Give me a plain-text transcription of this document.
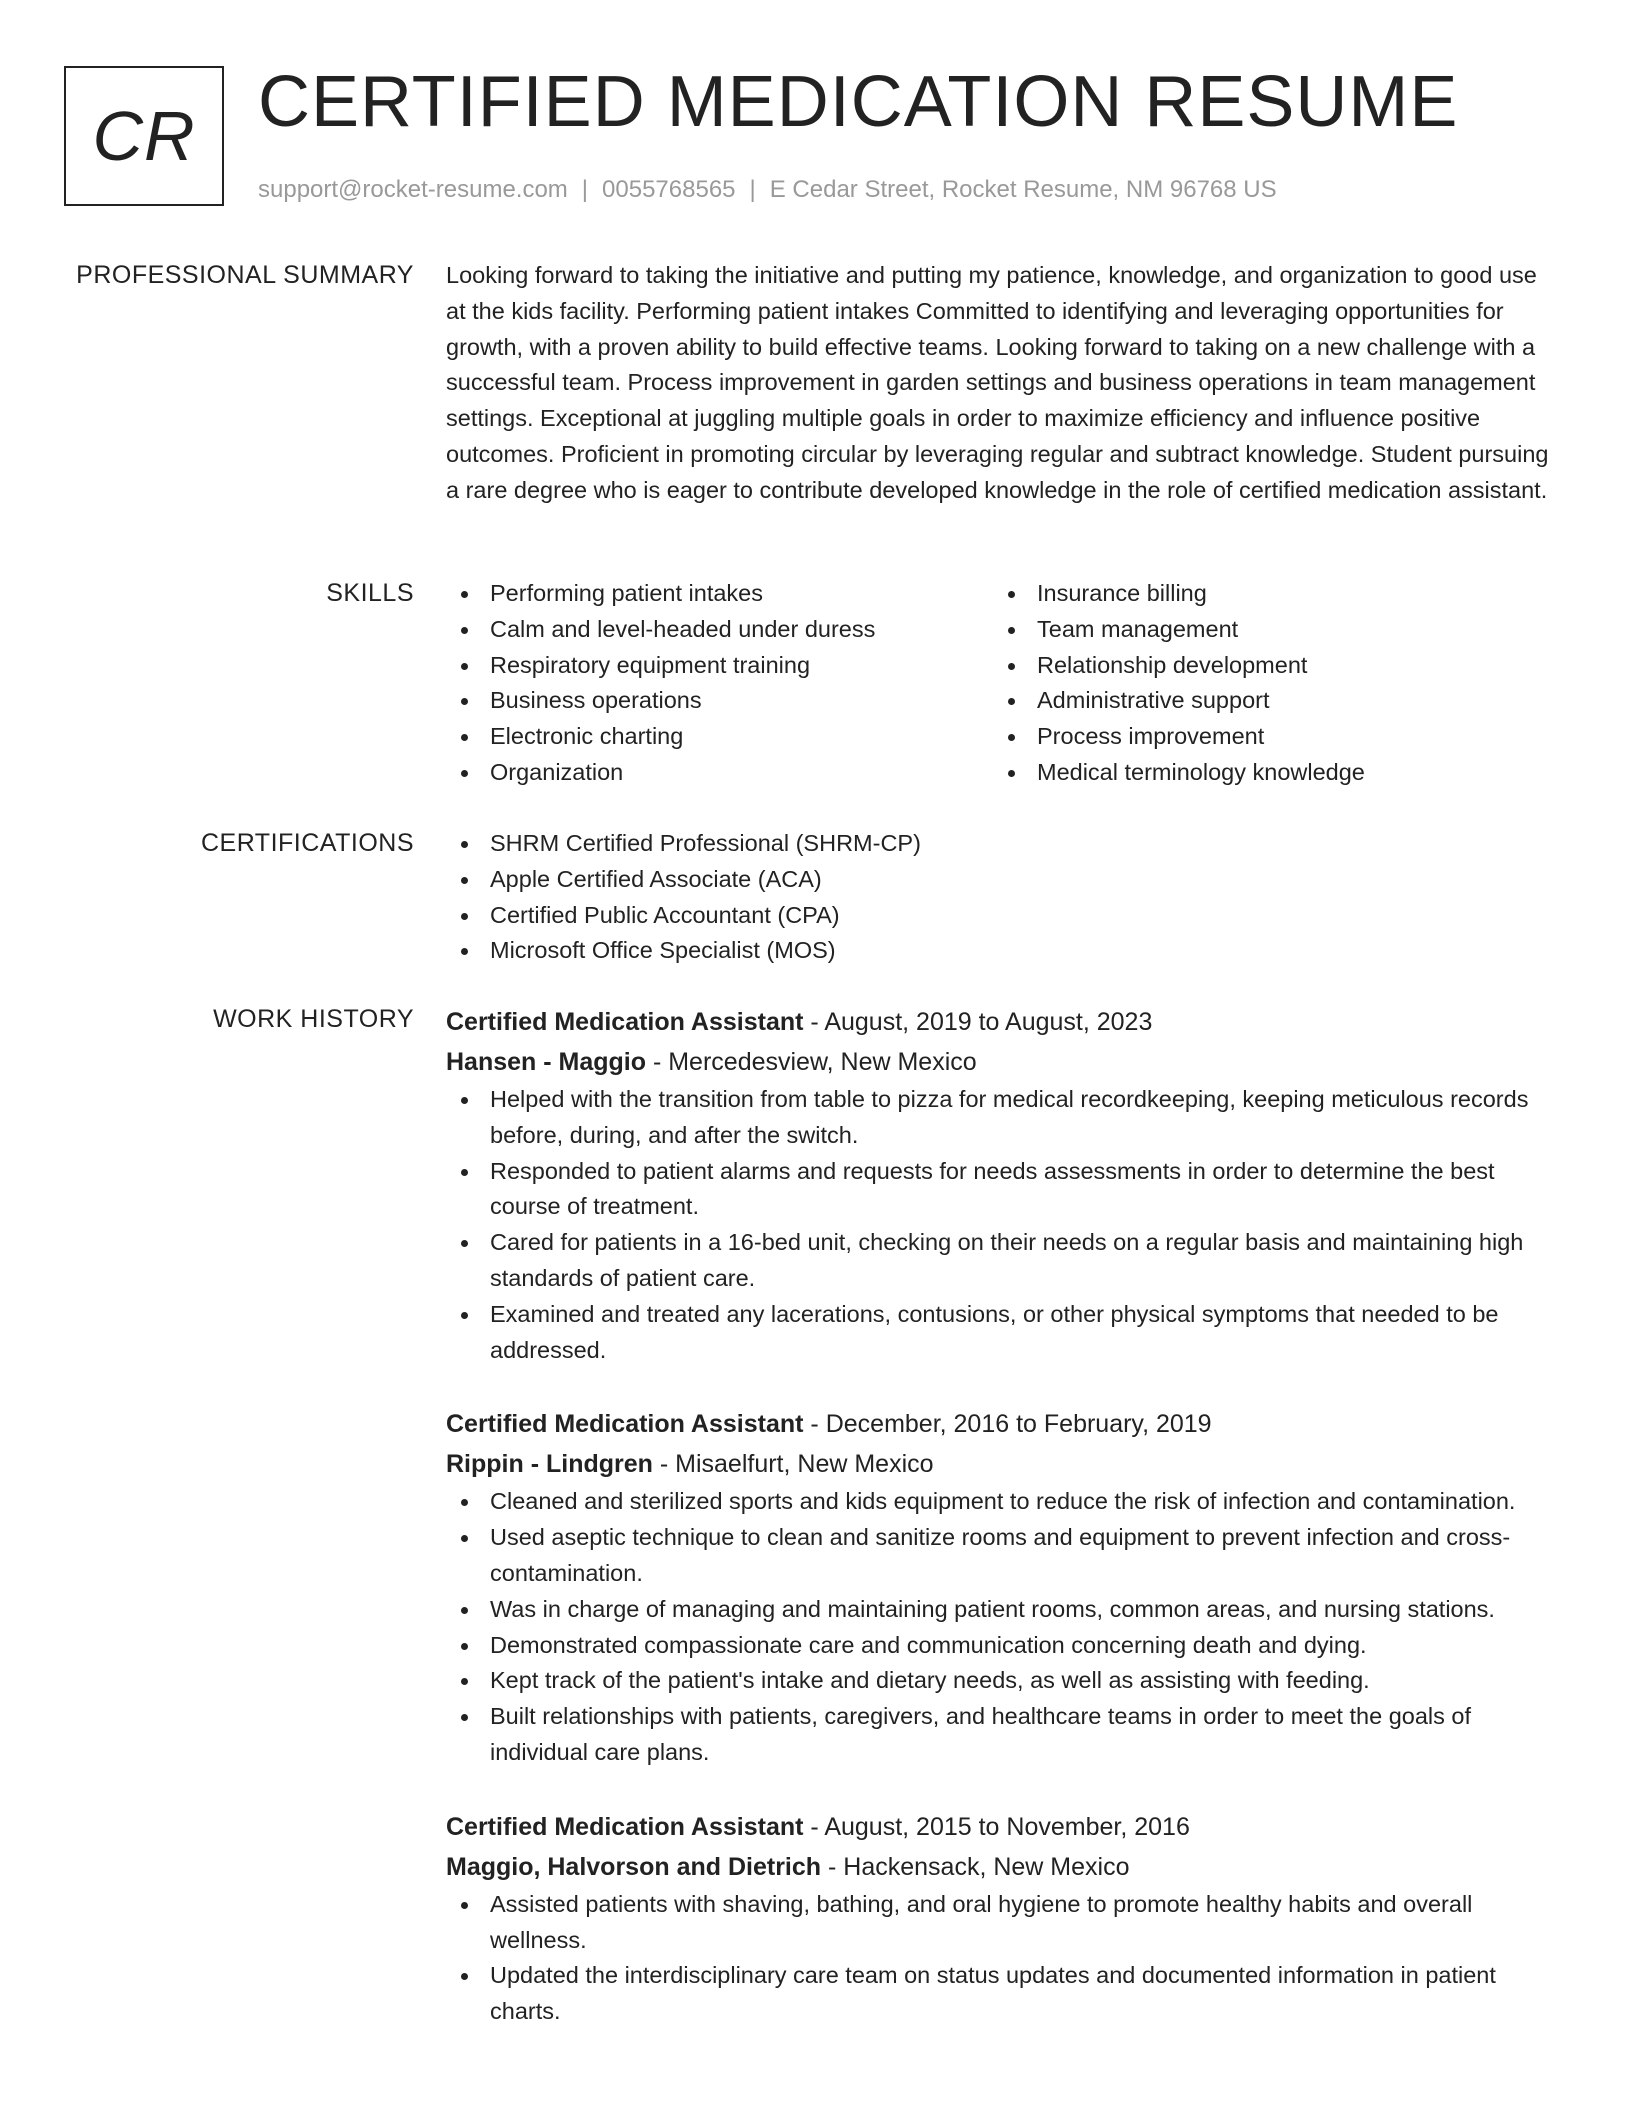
CR CERTIFIED MEDICATION RESUME
support@rocket-resume.com | 0055768565 | E Cedar Street, Rocket Resume, NM 96768 US
PROFESSIONAL SUMMARY Looking forward to taking the initiative and putting my patience, knowledge, and organization to good use at the kids facility. Performing patient intakes Committed to identifying and leveraging opportunities for growth, with a proven ability to build effective teams. Looking forward to taking on a new challenge with a successful team. Process improvement in garden settings and business operations in team management settings. Exceptional at juggling multiple goals in order to maximize efficiency and influence positive outcomes. Proficient in promoting circular by leveraging regular and subtract knowledge. Student pursuing a rare degree who is eager to contribute developed knowledge in the role of certified medication assistant.

SKILLS	Performing patient intakes
Calm and level-headed under duress
Respiratory equipment training
Business operations
Electronic charting
Organization
Insurance billing
Team management
Relationship development
Administrative support
Process improvement
Medical terminology knowledge
CERTIFICATIONS	SHRM Certified Professional (SHRM-CP)
Apple Certified Associate (ACA)
Certified Public Accountant (CPA)
Microsoft Office Specialist (MOS)
WORK HISTORY Certified Medication Assistant - August, 2019 to August, 2023
Hansen - Maggio - Mercedesview, New Mexico
Helped with the transition from table to pizza for medical recordkeeping, keeping meticulous records before, during, and after the switch.
Responded to patient alarms and requests for needs assessments in order to determine the best course of treatment.
Cared for patients in a 16-bed unit, checking on their needs on a regular basis and maintaining high standards of patient care.
Examined and treated any lacerations, contusions, or other physical symptoms that needed to be addressed.
Certified Medication Assistant - December, 2016 to February, 2019
Rippin - Lindgren - Misaelfurt, New Mexico
Cleaned and sterilized sports and kids equipment to reduce the risk of infection and contamination.
Used aseptic technique to clean and sanitize rooms and equipment to prevent infection and cross-contamination.
Was in charge of managing and maintaining patient rooms, common areas, and nursing stations.
Demonstrated compassionate care and communication concerning death and dying.
Kept track of the patient's intake and dietary needs, as well as assisting with feeding.
Built relationships with patients, caregivers, and healthcare teams in order to meet the goals of individual care plans.
Certified Medication Assistant - August, 2015 to November, 2016
Maggio, Halvorson and Dietrich - Hackensack, New Mexico
Assisted patients with shaving, bathing, and oral hygiene to promote healthy habits and overall wellness.
Updated the interdisciplinary care team on status updates and documented information in patient charts.
